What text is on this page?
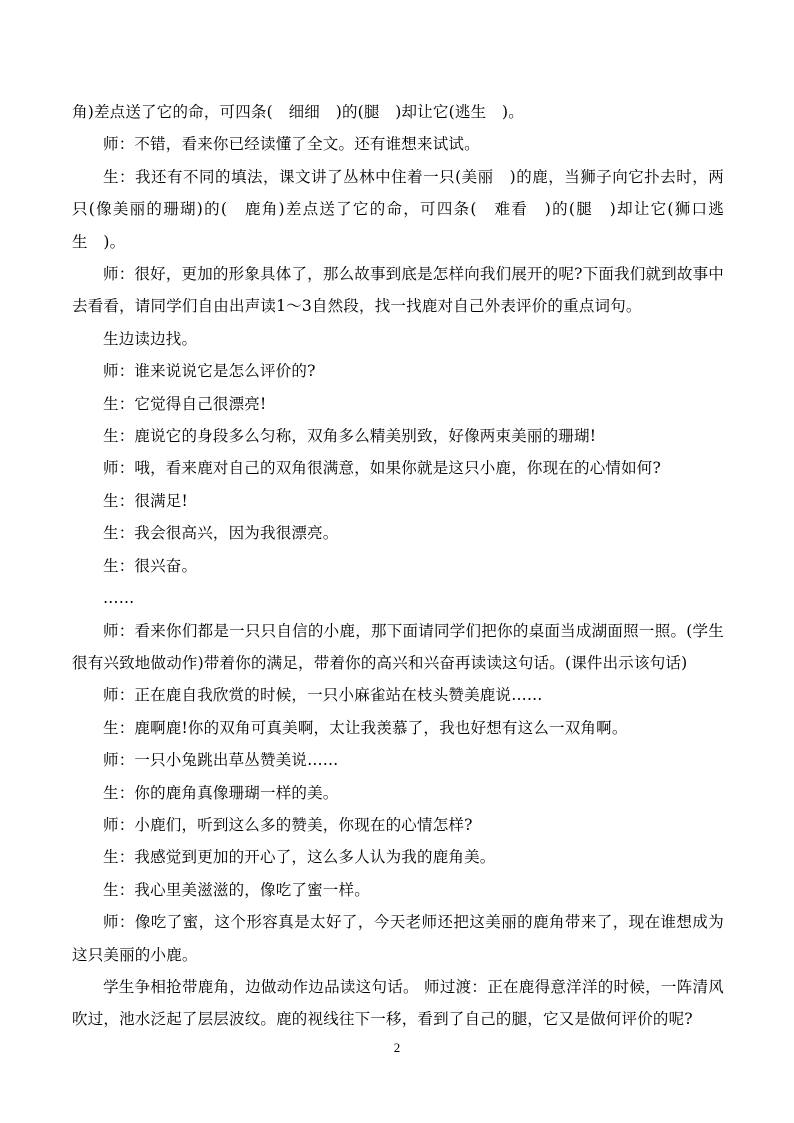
角)差点送了它的命，可四条(　细细　)的(腿　)却让它(逃生　)。

师：不错，看来你已经读懂了全文。还有谁想来试试。

生：我还有不同的填法，课文讲了丛林中住着一只(美丽　)的鹿，当狮子向它扑去时，两只(像美丽的珊瑚)的(　鹿角)差点送了它的命，可四条(　难看　)的(腿　)却让它(狮口逃生　)。

师：很好，更加的形象具体了，那么故事到底是怎样向我们展开的呢?下面我们就到故事中去看看，请同学们自由出声读1～3自然段，找一找鹿对自己外表评价的重点词句。

生边读边找。

师：谁来说说它是怎么评价的?

生：它觉得自己很漂亮!

生：鹿说它的身段多么匀称，双角多么精美别致，好像两束美丽的珊瑚!

师：哦，看来鹿对自己的双角很满意，如果你就是这只小鹿，你现在的心情如何?

生：很满足!

生：我会很高兴，因为我很漂亮。

生：很兴奋。

……

师：看来你们都是一只只自信的小鹿，那下面请同学们把你的桌面当成湖面照一照。(学生很有兴致地做动作)带着你的满足，带着你的高兴和兴奋再读读这句话。(课件出示该句话)

师：正在鹿自我欣赏的时候，一只小麻雀站在枝头赞美鹿说……

生：鹿啊鹿!你的双角可真美啊，太让我羡慕了，我也好想有这么一双角啊。

师：一只小兔跳出草丛赞美说……

生：你的鹿角真像珊瑚一样的美。

师：小鹿们，听到这么多的赞美，你现在的心情怎样?

生：我感觉到更加的开心了，这么多人认为我的鹿角美。

生：我心里美滋滋的，像吃了蜜一样。

师：像吃了蜜，这个形容真是太好了，今天老师还把这美丽的鹿角带来了，现在谁想成为这只美丽的小鹿。

学生争相抢带鹿角，边做动作边品读这句话。 师过渡：正在鹿得意洋洋的时候，一阵清风吹过，池水泛起了层层波纹。鹿的视线往下一移，看到了自己的腿，它又是做何评价的呢?

2
